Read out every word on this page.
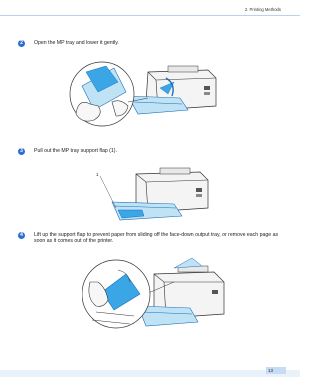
2. Printing Methods
2	Open the MP tray and lower it gently.
3	Pull out the MP tray support flap (1).
1
4	Lift up the support flap to prevent paper from sliding off the face-down output tray, or remove each page as soon as it comes out of the printer.
13
